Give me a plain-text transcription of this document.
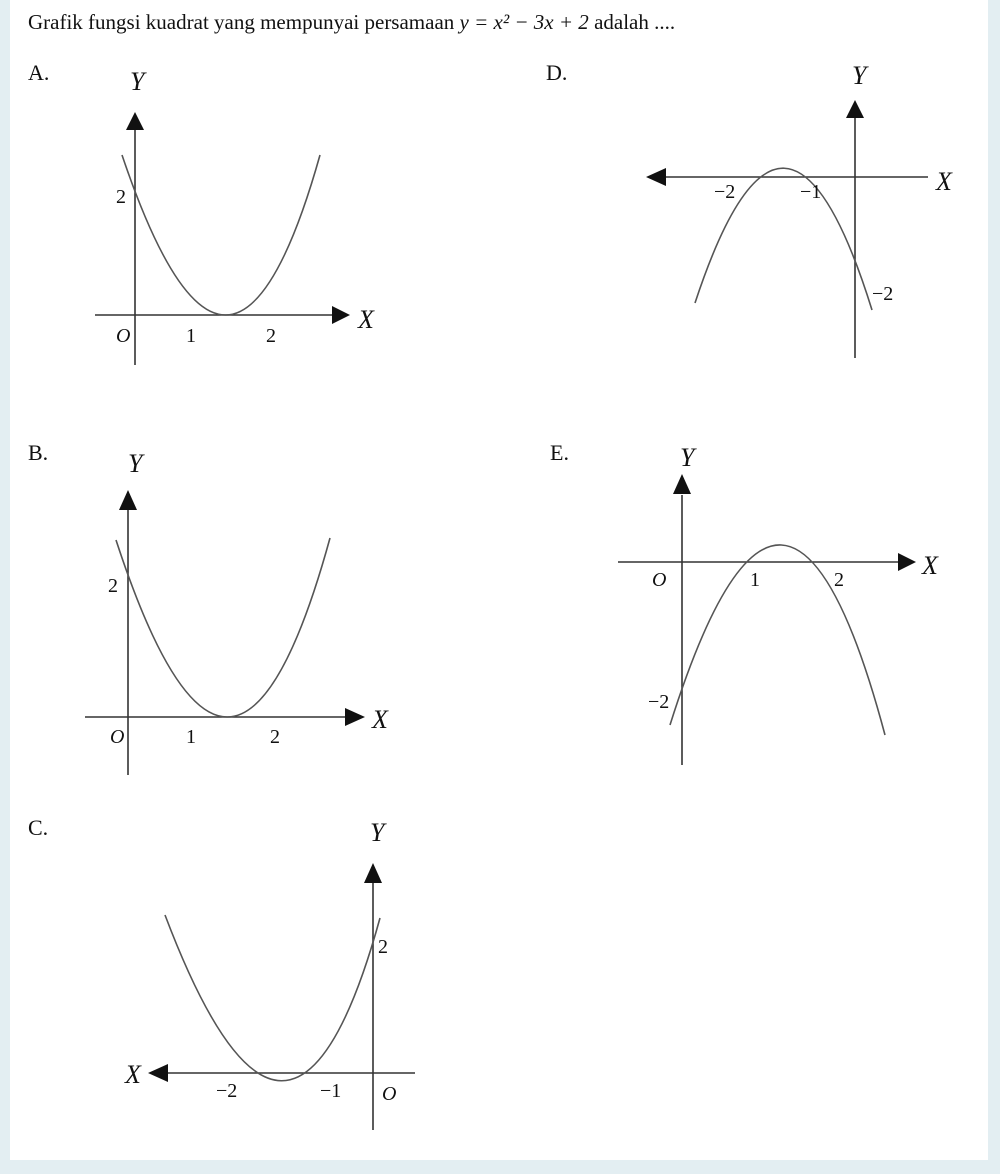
Grafik fungsi kuadrat yang mempunyai persamaan y = x² − 3x + 2 adalah ....
A.	Y
X
O
2
1	2
B.	Y
X
O
2
1	2
C.	Y
X
O
2
−2	−1
D.	Y
X
−2	−1
−2
E.	Y
X
O	1	2
−2
